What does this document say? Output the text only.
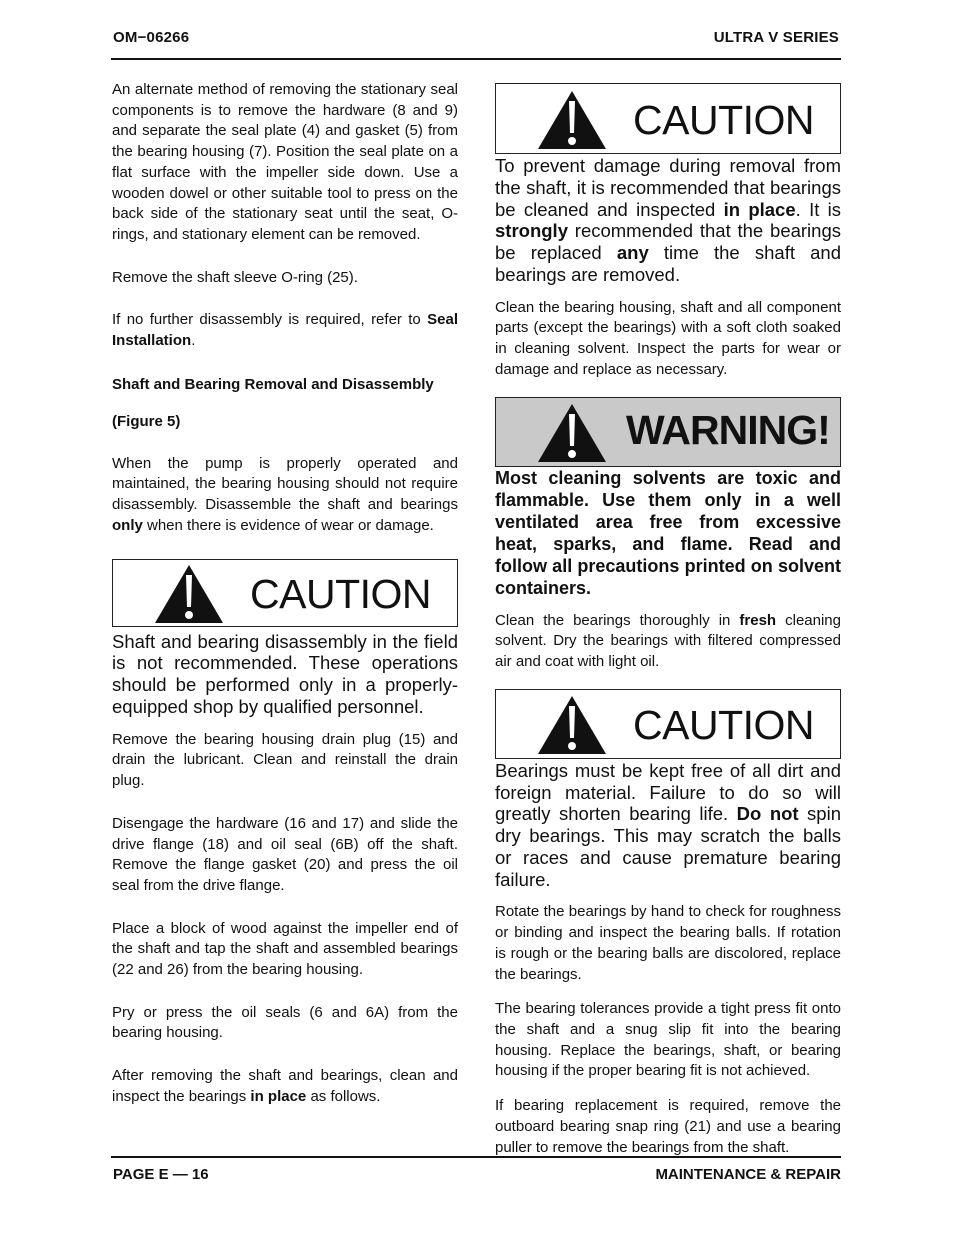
OM−06266	ULTRA V SERIES

An alternate method of removing the stationary seal components is to remove the hardware (8 and 9) and separate the seal plate (4) and gasket (5) from the bearing housing (7). Position the seal plate on a flat surface with the impeller side down. Use a wooden dowel or other suitable tool to press on the back side of the stationary seat until the seat, O-rings, and stationary element can be removed.

Remove the shaft sleeve O-ring (25).

If no further disassembly is required, refer to Seal Installation.

Shaft and Bearing Removal and Disassembly
(Figure 5)

When the pump is properly operated and maintained, the bearing housing should not require disassembly. Disassemble the shaft and bearings only when there is evidence of wear or damage.

CAUTION

Shaft and bearing disassembly in the field is not recommended. These operations should be performed only in a properly-equipped shop by qualified personnel.

Remove the bearing housing drain plug (15) and drain the lubricant. Clean and reinstall the drain plug.

Disengage the hardware (16 and 17) and slide the drive flange (18) and oil seal (6B) off the shaft. Remove the flange gasket (20) and press the oil seal from the drive flange.

Place a block of wood against the impeller end of the shaft and tap the shaft and assembled bearings (22 and 26) from the bearing housing.

Pry or press the oil seals (6 and 6A) from the bearing housing.

After removing the shaft and bearings, clean and inspect the bearings in place as follows.

CAUTION

To prevent damage during removal from the shaft, it is recommended that bearings be cleaned and inspected in place. It is strongly recommended that the bearings be replaced any time the shaft and bearings are removed.

Clean the bearing housing, shaft and all component parts (except the bearings) with a soft cloth soaked in cleaning solvent. Inspect the parts for wear or damage and replace as necessary.

WARNING!

Most cleaning solvents are toxic and flammable. Use them only in a well ventilated area free from excessive heat, sparks, and flame. Read and follow all precautions printed on solvent containers.

Clean the bearings thoroughly in fresh cleaning solvent. Dry the bearings with filtered compressed air and coat with light oil.

CAUTION

Bearings must be kept free of all dirt and foreign material. Failure to do so will greatly shorten bearing life. Do not spin dry bearings. This may scratch the balls or races and cause premature bearing failure.

Rotate the bearings by hand to check for roughness or binding and inspect the bearing balls. If rotation is rough or the bearing balls are discolored, replace the bearings.

The bearing tolerances provide a tight press fit onto the shaft and a snug slip fit into the bearing housing. Replace the bearings, shaft, or bearing housing if the proper bearing fit is not achieved.

If bearing replacement is required, remove the outboard bearing snap ring (21) and use a bearing puller to remove the bearings from the shaft.

PAGE E — 16	MAINTENANCE & REPAIR
